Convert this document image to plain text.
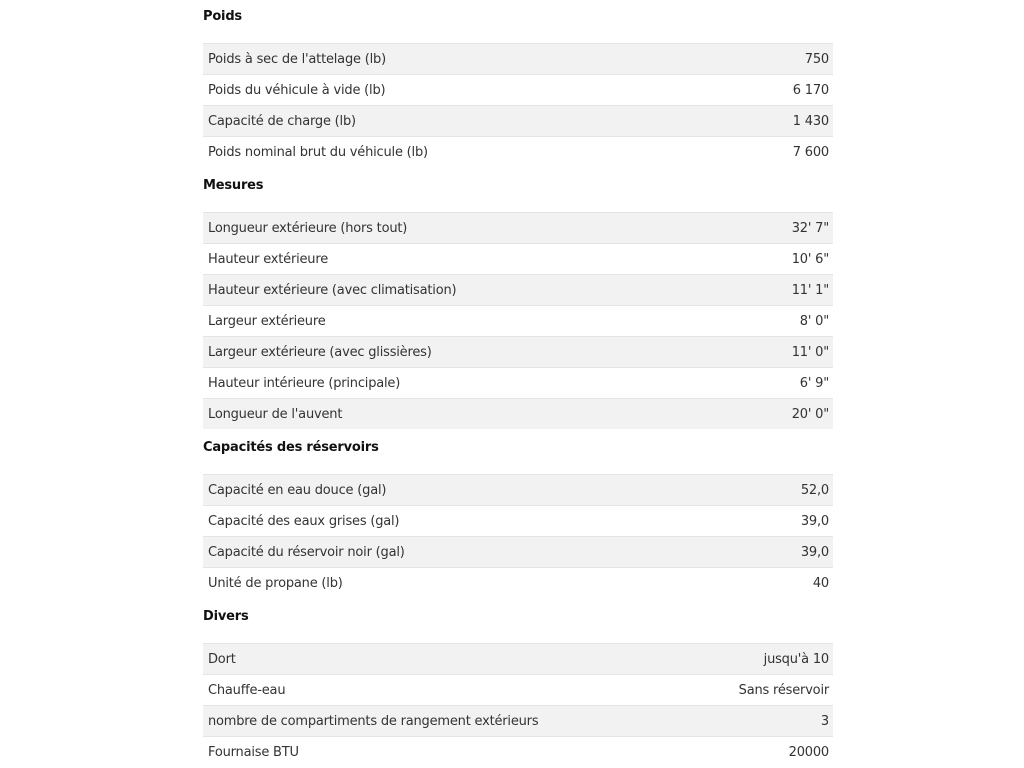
Poids
Poids à sec de l'attelage (lb)	750
Poids du véhicule à vide (lb)	6 170
Capacité de charge (lb)	1 430
Poids nominal brut du véhicule (lb)	7 600
Mesures
Longueur extérieure (hors tout)	32' 7"
Hauteur extérieure	10' 6"
Hauteur extérieure (avec climatisation)	11' 1"
Largeur extérieure	8' 0"
Largeur extérieure (avec glissières)	11' 0"
Hauteur intérieure (principale)	6' 9"
Longueur de l'auvent	20' 0"
Capacités des réservoirs
Capacité en eau douce (gal)	52,0
Capacité des eaux grises (gal)	39,0
Capacité du réservoir noir (gal)	39,0
Unité de propane (lb)	40
Divers
Dort	jusqu'à 10
Chauffe-eau	Sans réservoir
nombre de compartiments de rangement extérieurs	3
Fournaise BTU	20000
